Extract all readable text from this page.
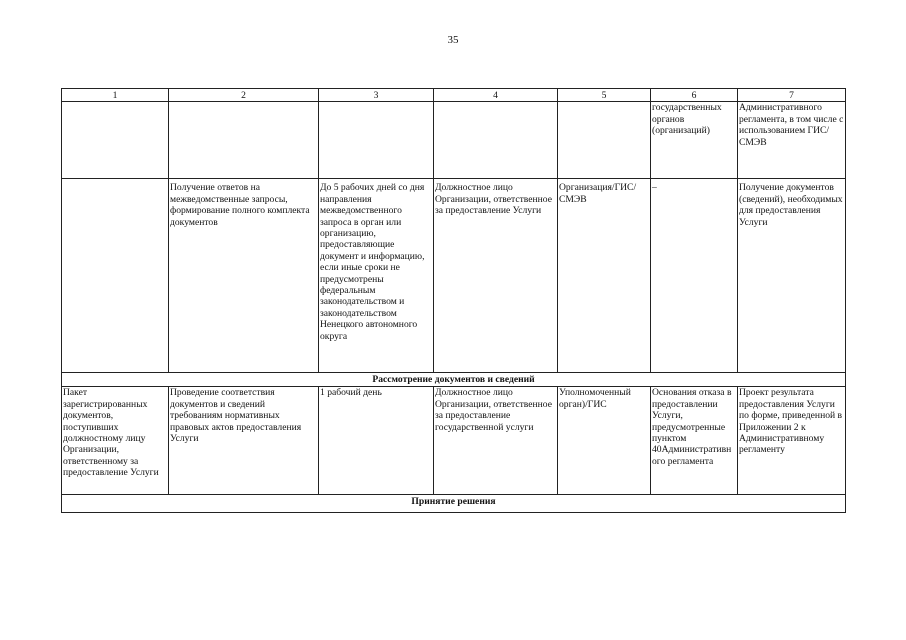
35
1	2	3	4	5	6	7
					государственных органов (организаций)	Административного регламента, в том числе с использованием ГИС/СМЭВ
	Получение ответов на межведомственные запросы, формирование полного комплекта документов	До 5 рабочих дней со дня направления межведомственного запроса в орган или организацию, предоставляющие документ и информацию, если иные сроки не предусмотрены федеральным законодательством и законодательством Ненецкого автономного округа	Должностное лицо Организации, ответственное за предоставление Услуги	Организация/ГИС/ СМЭВ	–	Получение документов (сведений), необходимых для предоставления Услуги
Рассмотрение документов и сведений						
Пакет зарегистрированных документов, поступивших должностному лицу Организации, ответственному за предоставление Услуги	Проведение соответствия документов и сведений требованиям нормативных правовых актов предоставления Услуги	1 рабочий день	Должностное лицо Организации, ответственное за предоставление государственной услуги	Уполномоченный орган)/ГИС	Основания отказа в предоставлении Услуги, предусмотренные пунктом 40Административного регламента	Проект результата предоставления Услуги по форме, приведенной в Приложении 2 к Административному регламенту
Принятие решения						
